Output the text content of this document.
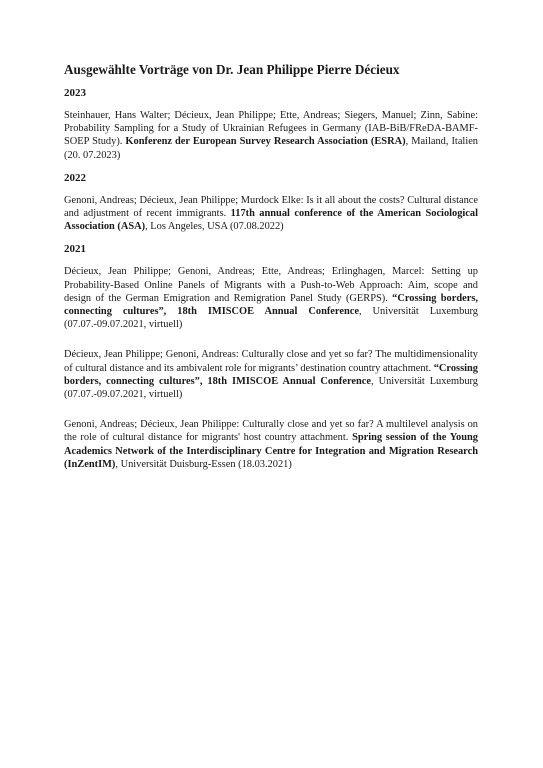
Ausgewählte Vorträge von Dr. Jean Philippe Pierre Décieux
2023

Steinhauer, Hans Walter; Décieux, Jean Philippe; Ette, Andreas; Siegers, Manuel; Zinn, Sabine: Probability Sampling for a Study of Ukrainian Refugees in Germany (IAB-BiB/FReDA-BAMF-SOEP Study). Konferenz der European Survey Research Association (ESRA), Mailand, Italien (20. 07.2023)

2022

Genoni, Andreas; Décieux, Jean Philippe; Murdock Elke: Is it all about the costs? Cultural distance and adjustment of recent immigrants. 117th annual conference of the American Sociological Association (ASA), Los Angeles, USA (07.08.2022)

2021

Décieux, Jean Philippe; Genoni, Andreas; Ette, Andreas; Erlinghagen, Marcel: Setting up Probability-Based Online Panels of Migrants with a Push-to-Web Approach: Aim, scope and design of the German Emigration and Remigration Panel Study (GERPS). “Crossing borders, connecting cultures”, 18th IMISCOE Annual Conference, Universität Luxemburg (07.07.-09.07.2021, virtuell)

Décieux, Jean Philippe; Genoni, Andreas: Culturally close and yet so far? The multidimensionality of cultural distance and its ambivalent role for migrants’ destination country attachment. “Crossing borders, connecting cultures”, 18th IMISCOE Annual Conference, Universität Luxemburg (07.07.-09.07.2021, virtuell)

Genoni, Andreas; Décieux, Jean Philippe: Culturally close and yet so far? A multilevel analysis on the role of cultural distance for migrants' host country attachment. Spring session of the Young Academics Network of the Interdisciplinary Centre for Integration and Migration Research (InZentIM), Universität Duisburg-Essen (18.03.2021)
